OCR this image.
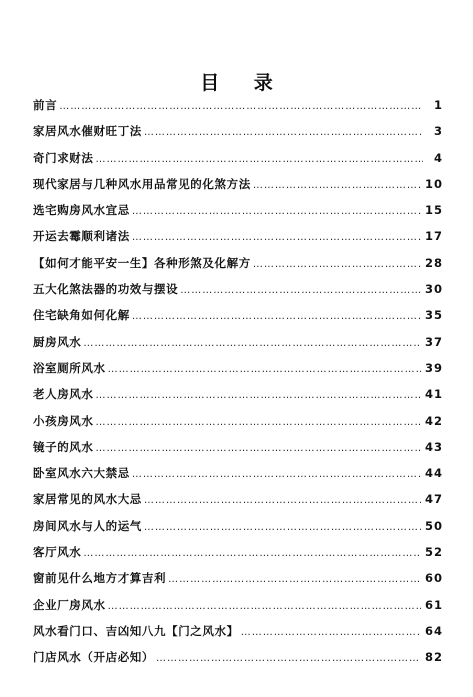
目 录
前言 …………………………………………………………………………………………………………………………………………………………………………	1
家居风水催财旺丁法 …………………………………………………………………………………………………………………………………………………………………………	3
奇门求财法 …………………………………………………………………………………………………………………………………………………………………………	4
现代家居与几种风水用品常见的化煞方法 …………………………………………………………………………………………………………………………………………………………………………	10
选宅购房风水宜忌 …………………………………………………………………………………………………………………………………………………………………………	15
开运去霉顺利诸法 …………………………………………………………………………………………………………………………………………………………………………	17
【如何才能平安一生】各种形煞及化解方 …………………………………………………………………………………………………………………………………………………………………………	28
五大化煞法器的功效与摆设 …………………………………………………………………………………………………………………………………………………………………………	30
住宅缺角如何化解 …………………………………………………………………………………………………………………………………………………………………………	35
厨房风水 …………………………………………………………………………………………………………………………………………………………………………	37
浴室厕所风水 …………………………………………………………………………………………………………………………………………………………………………	39
老人房风水 …………………………………………………………………………………………………………………………………………………………………………	41
小孩房风水 …………………………………………………………………………………………………………………………………………………………………………	42
镜子的风水 …………………………………………………………………………………………………………………………………………………………………………	43
卧室风水六大禁忌 …………………………………………………………………………………………………………………………………………………………………………	44
家居常见的风水大忌 …………………………………………………………………………………………………………………………………………………………………………	47
房间风水与人的运气 …………………………………………………………………………………………………………………………………………………………………………	50
客厅风水 …………………………………………………………………………………………………………………………………………………………………………	52
窗前见什么地方才算吉利 …………………………………………………………………………………………………………………………………………………………………………	60
企业厂房风水 …………………………………………………………………………………………………………………………………………………………………………	61
风水看门口、吉凶知八九【门之风水】 …………………………………………………………………………………………………………………………………………………………………………	64
门店风水（开店必知） …………………………………………………………………………………………………………………………………………………………………………	82
